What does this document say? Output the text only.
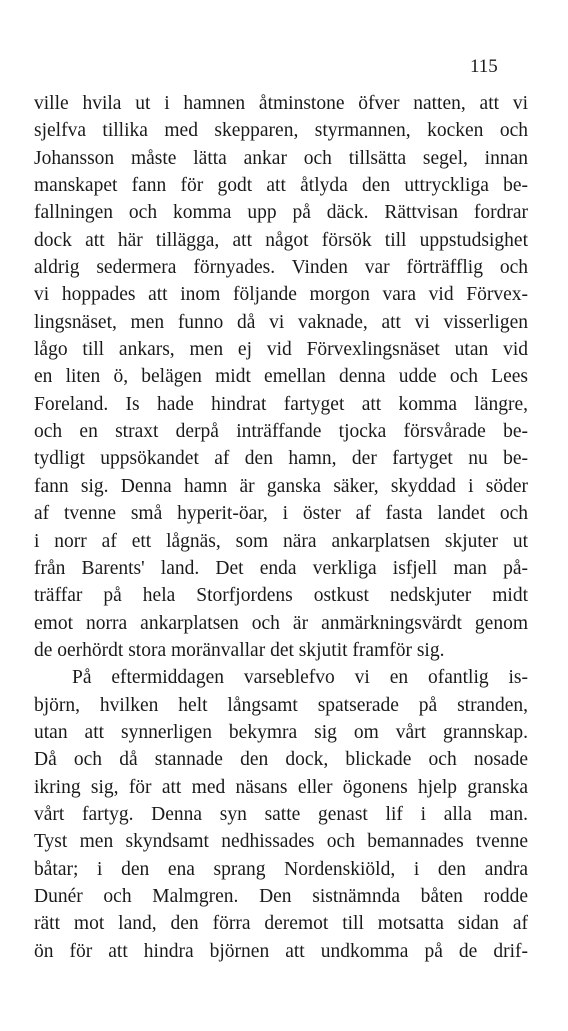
115
ville hvila ut i hamnen åtminstone öfver natten, att vi
sjelfva tillika med skepparen, styrmannen, kocken och
Johansson måste lätta ankar och tillsätta segel, innan
manskapet fann för godt att åtlyda den uttryckliga be-
fallningen och komma upp på däck. Rättvisan fordrar
dock att här tillägga, att något försök till uppstudsighet
aldrig sedermera förnyades. Vinden var förträfflig och
vi hoppades att inom följande morgon vara vid Förvex-
lingsnäset, men funno då vi vaknade, att vi visserligen
lågo till ankars, men ej vid Förvexlingsnäset utan vid
en liten ö, belägen midt emellan denna udde och Lees
Foreland. Is hade hindrat fartyget att komma längre,
och en straxt derpå inträffande tjocka försvårade be-
tydligt uppsökandet af den hamn, der fartyget nu be-
fann sig. Denna hamn är ganska säker, skyddad i söder
af tvenne små hyperit-öar, i öster af fasta landet och
i norr af ett lågnäs, som nära ankarplatsen skjuter ut
från Barents' land. Det enda verkliga isfjell man på-
träffar på hela Storfjordens ostkust nedskjuter midt
emot norra ankarplatsen och är anmärkningsvärdt genom
de oerhördt stora moränvallar det skjutit framför sig.
På eftermiddagen varseblefvo vi en ofantlig is-
björn, hvilken helt långsamt spatserade på stranden,
utan att synnerligen bekymra sig om vårt grannskap.
Då och då stannade den dock, blickade och nosade
ikring sig, för att med näsans eller ögonens hjelp granska
vårt fartyg. Denna syn satte genast lif i alla man.
Tyst men skyndsamt nedhissades och bemannades tvenne
båtar; i den ena sprang Nordenskiöld, i den andra
Dunér och Malmgren. Den sistnämnda båten rodde
rätt mot land, den förra deremot till motsatta sidan af
ön för att hindra björnen att undkomma på de drif-
